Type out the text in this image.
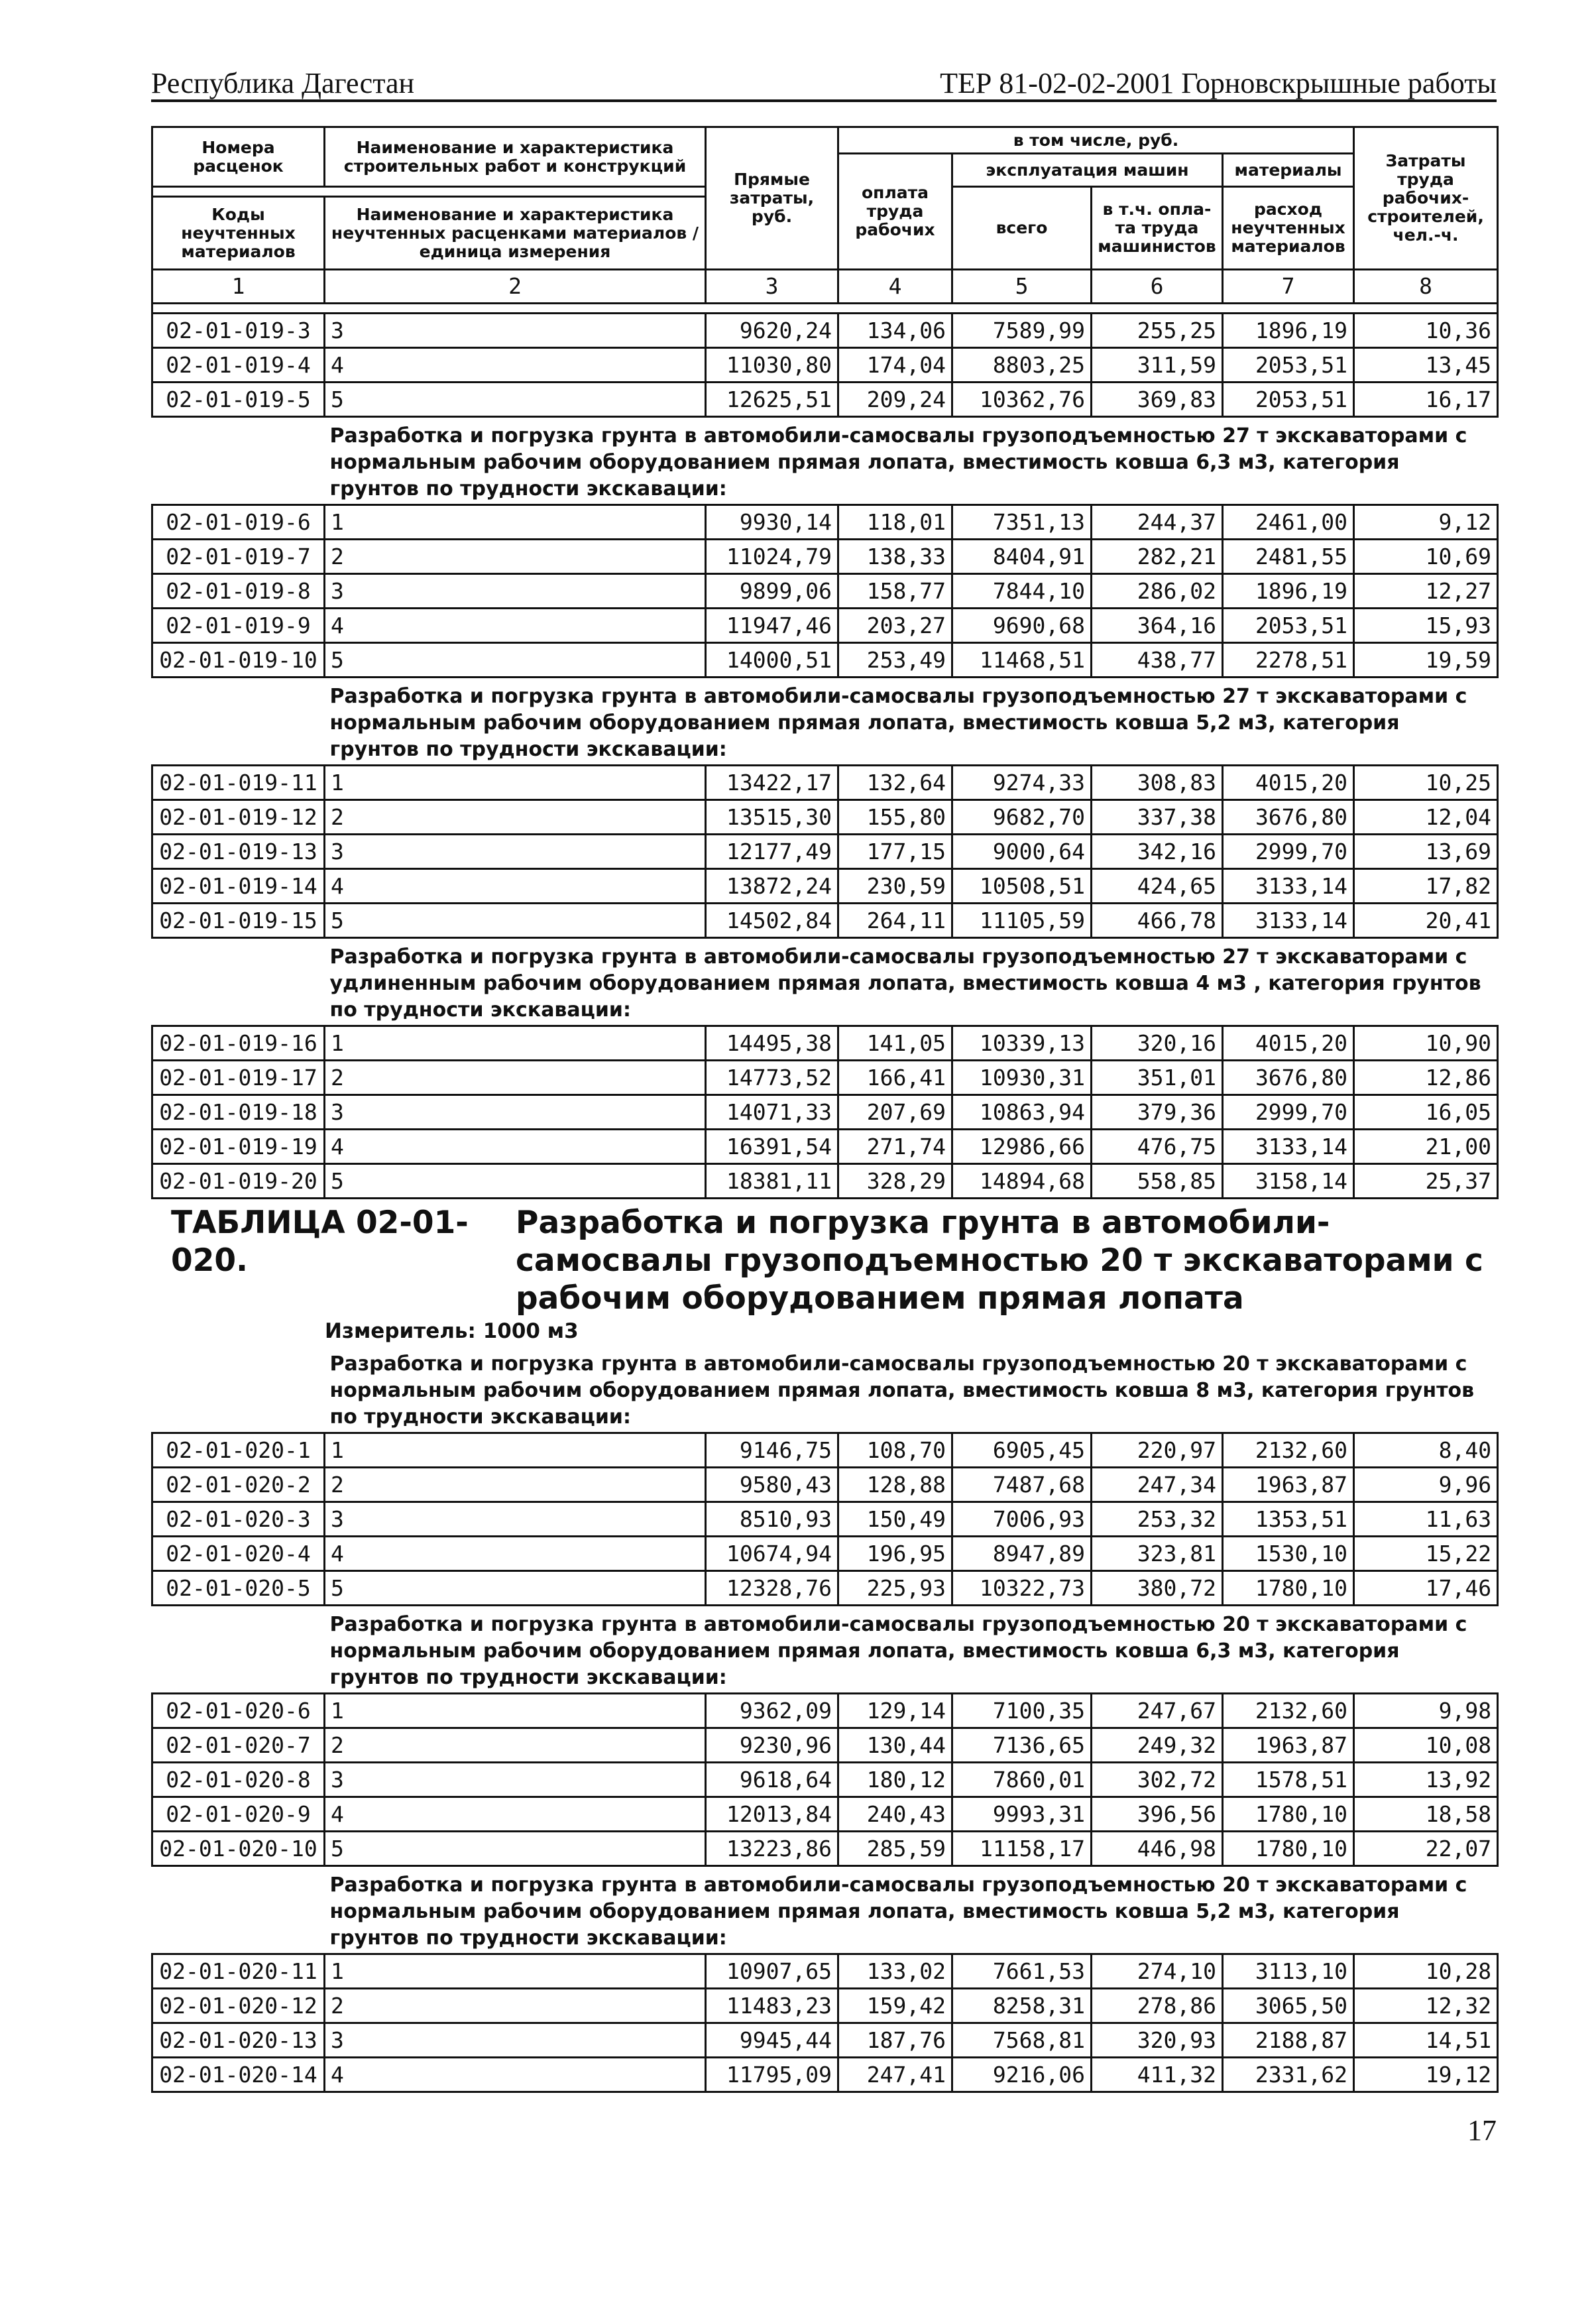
Республика Дагестан	ТЕР 81-02-02-2001 Горновскрышные работы
Номера расценок	Наименование и характеристика строительных работ и конструкций	Прямые затраты, руб.	в том числе, руб.				Затраты труда рабочих-строителей, чел.-ч.
			оплата труда рабочих	эксплуатация машин		материалы	
				всего	в т.ч. опла-та труда машинистов	расход неучтенных материалов	
Коды неучтенных материалов	Наименование и характеристика неучтенных расценками материалов / единица измерения						

1	2	3	4	5	6	7	8

02-01-019-3	3	9620,24	134,06	7589,99	255,25	1896,19	10,36
02-01-019-4	4	11030,80	174,04	8803,25	311,59	2053,51	13,45
02-01-019-5	5	12625,51	209,24	10362,76	369,83	2053,51	16,17
	Разработка и погрузка грунта в автомобили-самосвалы грузоподъемностью 27 т экскаваторами с нормальным рабочим оборудованием прямая лопата, вместимость ковша 6,3 м3, категория грунтов по трудности экскавации:						
02-01-019-6	1	9930,14	118,01	7351,13	244,37	2461,00	9,12
02-01-019-7	2	11024,79	138,33	8404,91	282,21	2481,55	10,69
02-01-019-8	3	9899,06	158,77	7844,10	286,02	1896,19	12,27
02-01-019-9	4	11947,46	203,27	9690,68	364,16	2053,51	15,93
02-01-019-10	5	14000,51	253,49	11468,51	438,77	2278,51	19,59
	Разработка и погрузка грунта в автомобили-самосвалы грузоподъемностью 27 т экскаваторами с нормальным рабочим оборудованием прямая лопата, вместимость ковша 5,2 м3, категория грунтов по трудности экскавации:						
02-01-019-11	1	13422,17	132,64	9274,33	308,83	4015,20	10,25
02-01-019-12	2	13515,30	155,80	9682,70	337,38	3676,80	12,04
02-01-019-13	3	12177,49	177,15	9000,64	342,16	2999,70	13,69
02-01-019-14	4	13872,24	230,59	10508,51	424,65	3133,14	17,82
02-01-019-15	5	14502,84	264,11	11105,59	466,78	3133,14	20,41
	Разработка и погрузка грунта в автомобили-самосвалы грузоподъемностью 27 т экскаваторами с удлиненным рабочим оборудованием прямая лопата, вместимость ковша 4 м3 , категория грунтов по трудности экскавации:						
02-01-019-16	1	14495,38	141,05	10339,13	320,16	4015,20	10,90
02-01-019-17	2	14773,52	166,41	10930,31	351,01	3676,80	12,86
02-01-019-18	3	14071,33	207,69	10863,94	379,36	2999,70	16,05
02-01-019-19	4	16391,54	271,74	12986,66	476,75	3133,14	21,00
02-01-019-20	5	18381,11	328,29	14894,68	558,85	3158,14	25,37
ТАБЛИЦА 02-01-020.Разработка и погрузка грунта в автомобили-самосвалы грузоподъемностью 20 т экскаваторами с рабочим оборудованием прямая лопата
Измеритель: 1000 м3
	Разработка и погрузка грунта в автомобили-самосвалы грузоподъемностью 20 т экскаваторами с нормальным рабочим оборудованием прямая лопата, вместимость ковша 8 м3, категория грунтов по трудности экскавации:						
02-01-020-1	1	9146,75	108,70	6905,45	220,97	2132,60	8,40
02-01-020-2	2	9580,43	128,88	7487,68	247,34	1963,87	9,96
02-01-020-3	3	8510,93	150,49	7006,93	253,32	1353,51	11,63
02-01-020-4	4	10674,94	196,95	8947,89	323,81	1530,10	15,22
02-01-020-5	5	12328,76	225,93	10322,73	380,72	1780,10	17,46
	Разработка и погрузка грунта в автомобили-самосвалы грузоподъемностью 20 т экскаваторами с нормальным рабочим оборудованием прямая лопата, вместимость ковша 6,3 м3, категория грунтов по трудности экскавации:						
02-01-020-6	1	9362,09	129,14	7100,35	247,67	2132,60	9,98
02-01-020-7	2	9230,96	130,44	7136,65	249,32	1963,87	10,08
02-01-020-8	3	9618,64	180,12	7860,01	302,72	1578,51	13,92
02-01-020-9	4	12013,84	240,43	9993,31	396,56	1780,10	18,58
02-01-020-10	5	13223,86	285,59	11158,17	446,98	1780,10	22,07
	Разработка и погрузка грунта в автомобили-самосвалы грузоподъемностью 20 т экскаваторами с нормальным рабочим оборудованием прямая лопата, вместимость ковша 5,2 м3, категория грунтов по трудности экскавации:						
02-01-020-11	1	10907,65	133,02	7661,53	274,10	3113,10	10,28
02-01-020-12	2	11483,23	159,42	8258,31	278,86	3065,50	12,32
02-01-020-13	3	9945,44	187,76	7568,81	320,93	2188,87	14,51
02-01-020-14	4	11795,09	247,41	9216,06	411,32	2331,62	19,12
17
